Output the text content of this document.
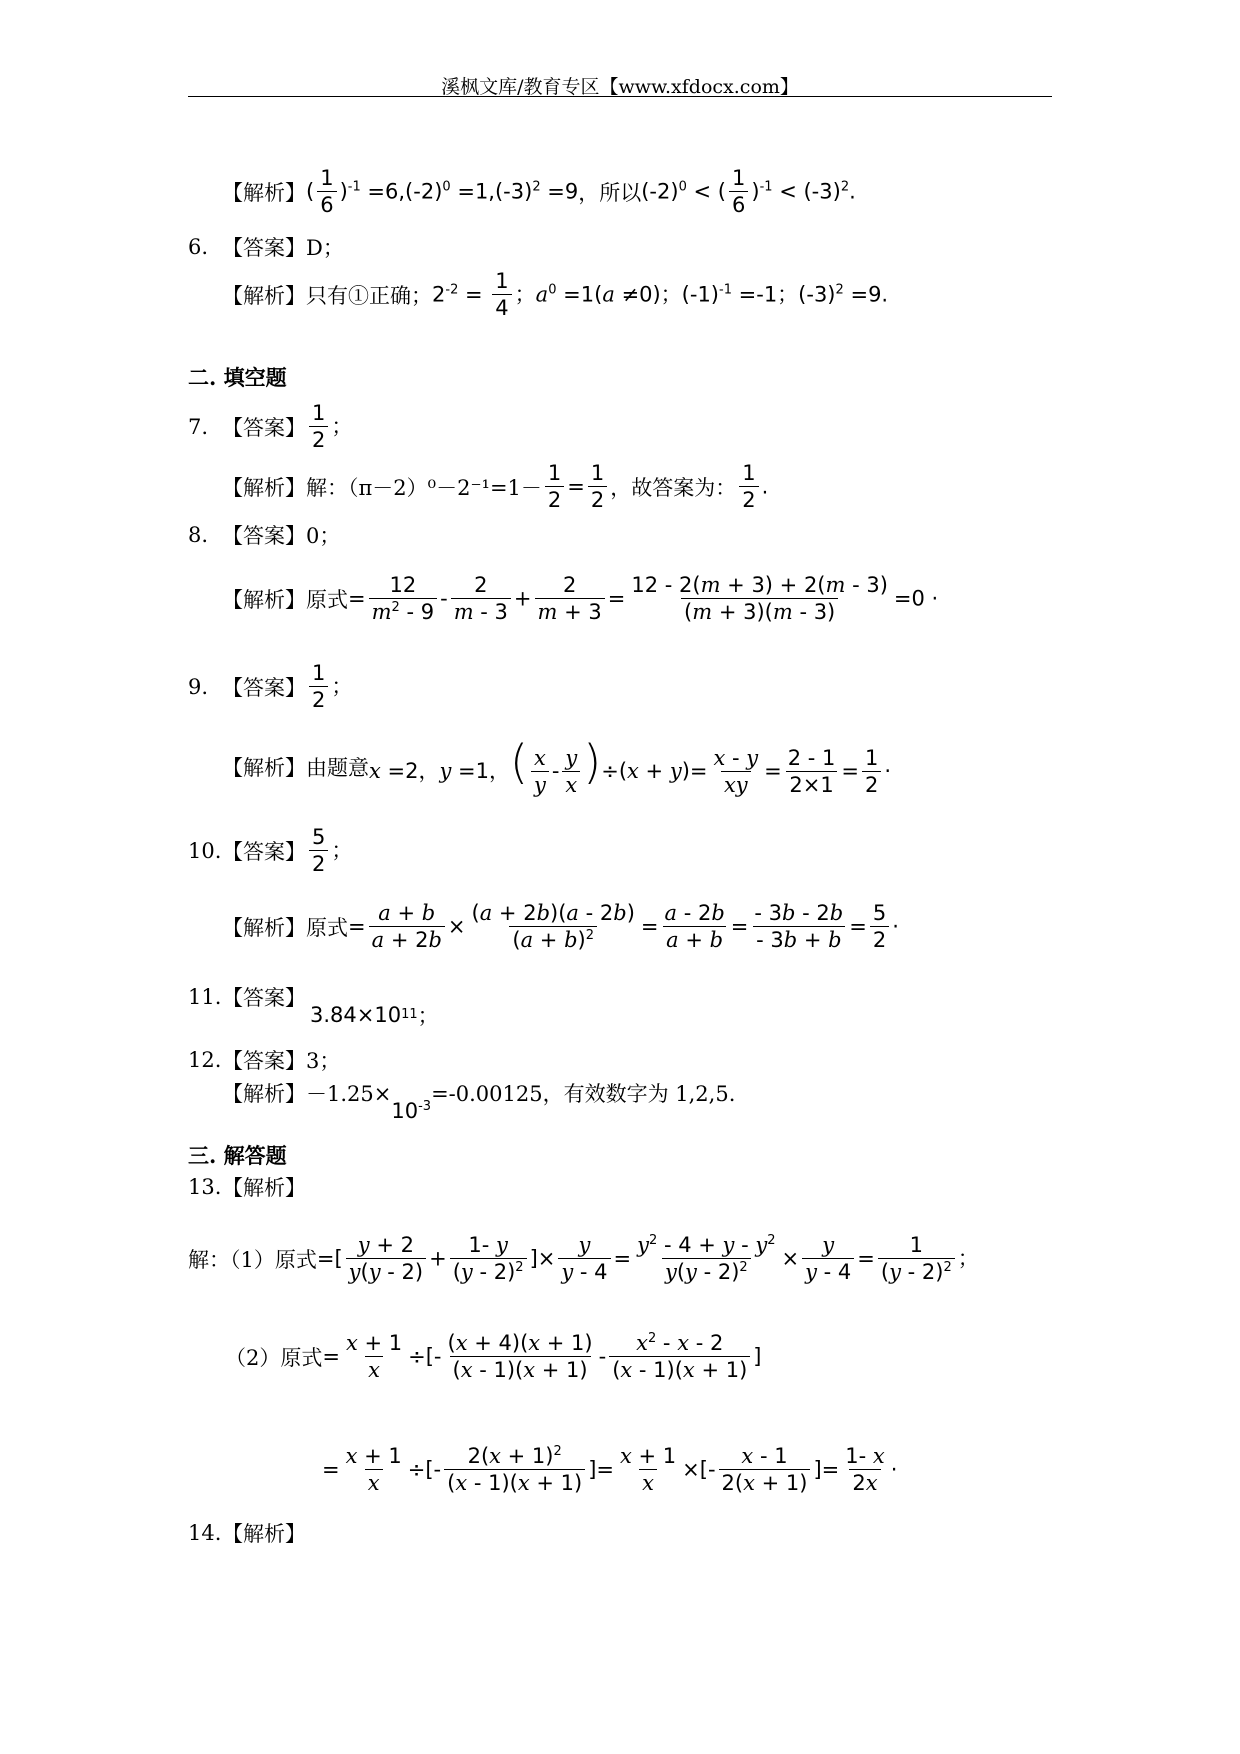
溪枫文库/教育专区【www.xfdocx.com】
【解析】 ( $\frac{1}{6} )^{-1} =6,(-2)^0 =1,(-3)^2 =9$ ，所以 $(-2)^0$ < ( $\frac{1}{6} )^{-1} < (-3)^2$.
6. 【答案】 D；
【解析】 只有①正确； $2^{-2} = \frac{1}{4}$ ；$a^0 =1(a \ne 0)$；$(-1)^{-1} =-1$；$(-3)^2 =9$.
二. 填空题
7. 【答案】 $\frac{1}{2}$ ；
【解析】 解：$(\pi-2)^0-2^{-1}=1- \frac{1}{2} = \frac{1}{2}$ ，故答案为： $\frac{1}{2}$ .
8. 【答案】 0；
【解析】 原式 = $\frac{12}{m^2 - 9} - \frac{2}{m - 3} + \frac{2}{m + 3} = \frac{12 - 2(m + 3) + 2(m - 3)}{(m + 3)(m - 3)} =0$ ·
9. 【答案】 $\frac{1}{2}$ ；
【解析】 由题意 x =2，y =1，( $\frac{x}{y} - \frac{y}{x} )\div(x + y)= \frac{x - y}{xy} = \frac{2 - 1}{2\times 1} = \frac{1}{2}$ ·
10. 【答案】 $\frac{5}{2}$ ；
【解析】 原式 = $\frac{a + b}{a + 2b} \times \frac{(a + 2b)(a - 2b)}{(a + b)^2} = \frac{a - 2b}{a + b} = \frac{- 3b - 2b}{- 3b + b} = \frac{5}{2}$ ·
11. 【答案】
3.84×10 11 ；
12. 【答案】 3；
【解析】 －1.25×
$10^{-3}$
=-0.00125，有效数字为 1,2,5.
三. 解答题
13. 【解析】
解：（1）原式 =[ $\frac{y + 2}{y(y - 2)} + \frac{1- y}{(y - 2)^2}$ ]× $\frac{y}{y - 4} = \frac{y^2 - 4 + y - y^2}{y(y - 2)^2} \times \frac{y}{y - 4} = \frac{1}{(y - 2)^2}$ ；
（2）原式 = $\frac{x + 1}{x}$ ÷[- $\frac{(x + 4)(x + 1)}{(x - 1)(x + 1)} - \frac{x^2 - x - 2}{(x - 1)(x + 1)}$ ]
= $\frac{x + 1}{x}$ ÷[- $\frac{2(x + 1)^2}{(x - 1)(x + 1)}$ ]= $\frac{x + 1}{x}$ ×[- $\frac{x - 1}{2(x + 1)}$ ]= $\frac{1- x}{2x}$ ·
14. 【解析】
